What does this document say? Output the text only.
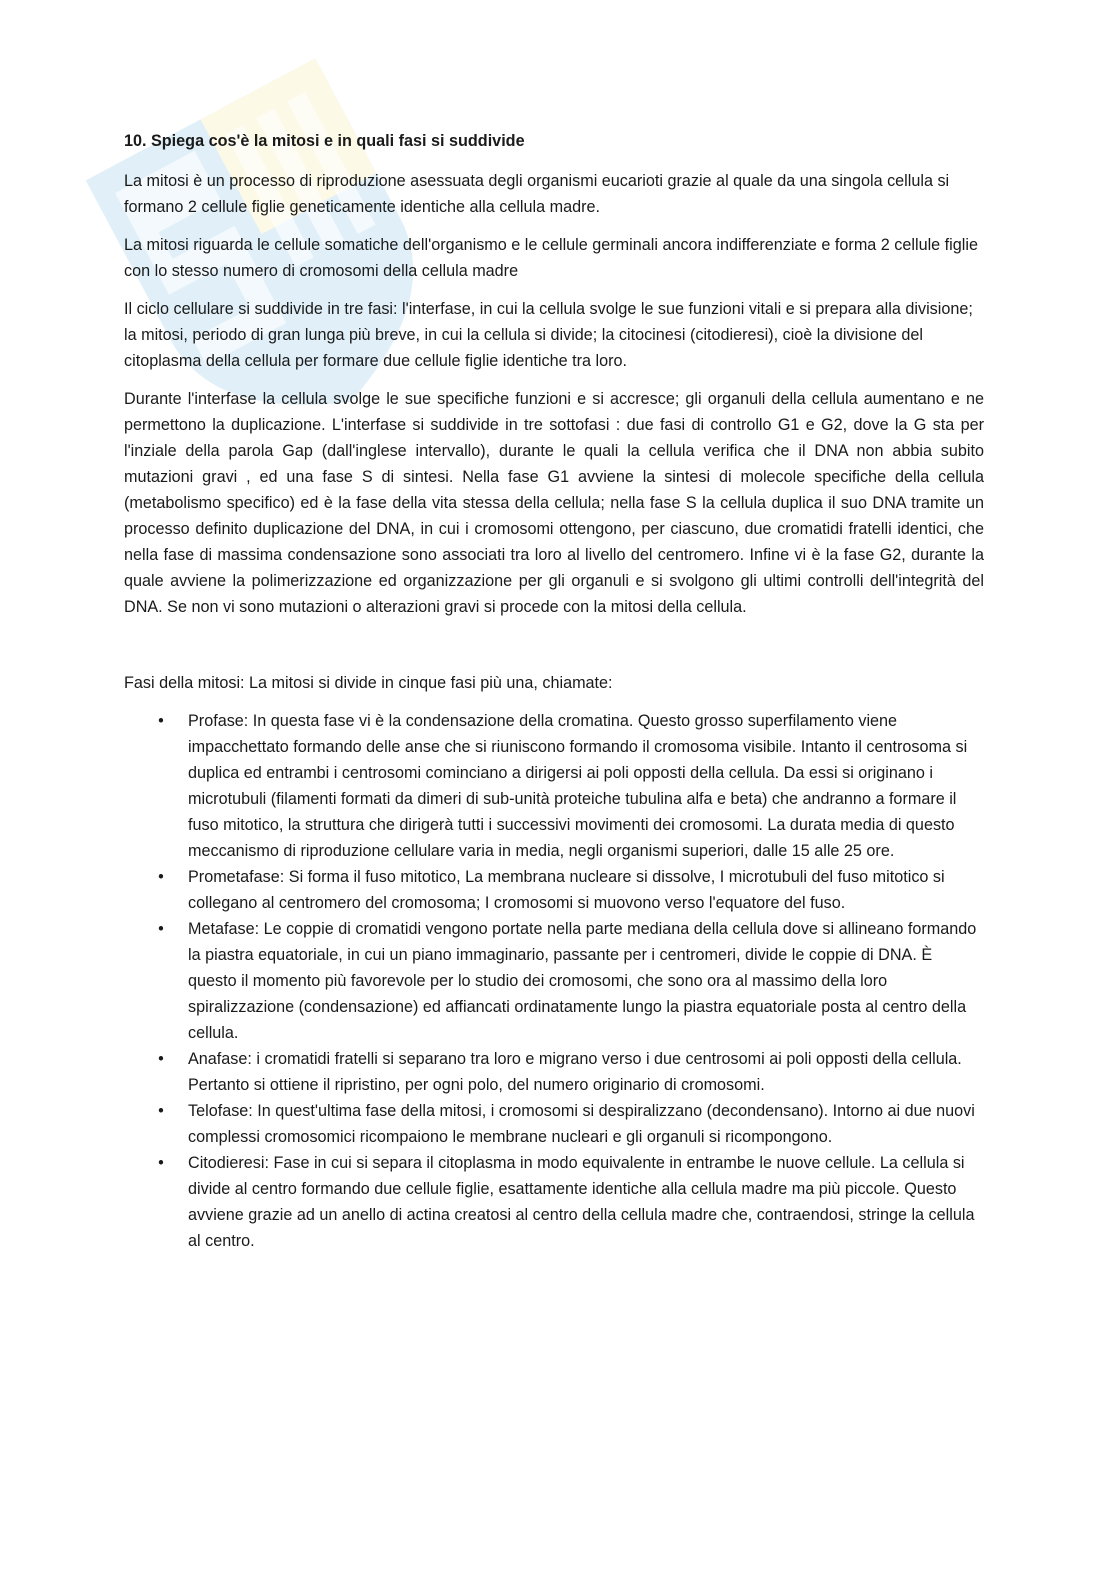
10. Spiega cos'è la mitosi e in quali fasi si suddivide

La mitosi è un processo di riproduzione asessuata degli organismi eucarioti grazie al quale da una singola cellula si formano 2 cellule figlie geneticamente identiche alla cellula madre.

La mitosi riguarda le cellule somatiche dell'organismo e le cellule germinali ancora indifferenziate e forma 2 cellule figlie con lo stesso numero di cromosomi della cellula madre

Il ciclo cellulare si suddivide in tre fasi: l'interfase, in cui la cellula svolge le sue funzioni vitali e si prepara alla divisione; la mitosi, periodo di gran lunga più breve, in cui la cellula si divide; la citocinesi (citodieresi), cioè la divisione del citoplasma della cellula per formare due cellule figlie identiche tra loro.

Durante l'interfase la cellula svolge le sue specifiche funzioni e si accresce; gli organuli della cellula aumentano e ne permettono la duplicazione. L'interfase si suddivide in tre sottofasi : due fasi di controllo G1 e G2, dove la G sta per l'inziale della parola Gap (dall'inglese intervallo), durante le quali la cellula verifica che il DNA non abbia subito mutazioni gravi , ed una fase S di sintesi. Nella fase G1 avviene la sintesi di molecole specifiche della cellula (metabolismo specifico) ed è la fase della vita stessa della cellula; nella fase S la cellula duplica il suo DNA tramite un processo definito duplicazione del DNA, in cui i cromosomi ottengono, per ciascuno, due cromatidi fratelli identici, che nella fase di massima condensazione sono associati tra loro al livello del centromero. Infine vi è la fase G2, durante la quale avviene la polimerizzazione ed organizzazione per gli organuli e si svolgono gli ultimi controlli dell'integrità del DNA. Se non vi sono mutazioni o alterazioni gravi si procede con la mitosi della cellula.

Fasi della mitosi: La mitosi si divide in cinque fasi più una, chiamate:

• Profase: In questa fase vi è la condensazione della cromatina. Questo grosso superfilamento viene impacchettato formando delle anse che si riuniscono formando il cromosoma visibile. Intanto il centrosoma si duplica ed entrambi i centrosomi cominciano a dirigersi ai poli opposti della cellula. Da essi si originano i microtubuli (filamenti formati da dimeri di sub-unità proteiche tubulina alfa e beta) che andranno a formare il fuso mitotico, la struttura che dirigerà tutti i successivi movimenti dei cromosomi. La durata media di questo meccanismo di riproduzione cellulare varia in media, negli organismi superiori, dalle 15 alle 25 ore.
• Prometafase: Si forma il fuso mitotico, La membrana nucleare si dissolve, I microtubuli del fuso mitotico si collegano al centromero del cromosoma; I cromosomi si muovono verso l'equatore del fuso.
• Metafase: Le coppie di cromatidi vengono portate nella parte mediana della cellula dove si allineano formando la piastra equatoriale, in cui un piano immaginario, passante per i centromeri, divide le coppie di DNA. È questo il momento più favorevole per lo studio dei cromosomi, che sono ora al massimo della loro spiralizzazione (condensazione) ed affiancati ordinatamente lungo la piastra equatoriale posta al centro della cellula.
• Anafase: i cromatidi fratelli si separano tra loro e migrano verso i due centrosomi ai poli opposti della cellula. Pertanto si ottiene il ripristino, per ogni polo, del numero originario di cromosomi.
• Telofase: In quest'ultima fase della mitosi, i cromosomi si despiralizzano (decondensano). Intorno ai due nuovi complessi cromosomici ricompaiono le membrane nucleari e gli organuli si ricompongono.
• Citodieresi: Fase in cui si separa il citoplasma in modo equivalente in entrambe le nuove cellule. La cellula si divide al centro formando due cellule figlie, esattamente identiche alla cellula madre ma più piccole. Questo avviene grazie ad un anello di actina creatosi al centro della cellula madre che, contraendosi, stringe la cellula al centro.
